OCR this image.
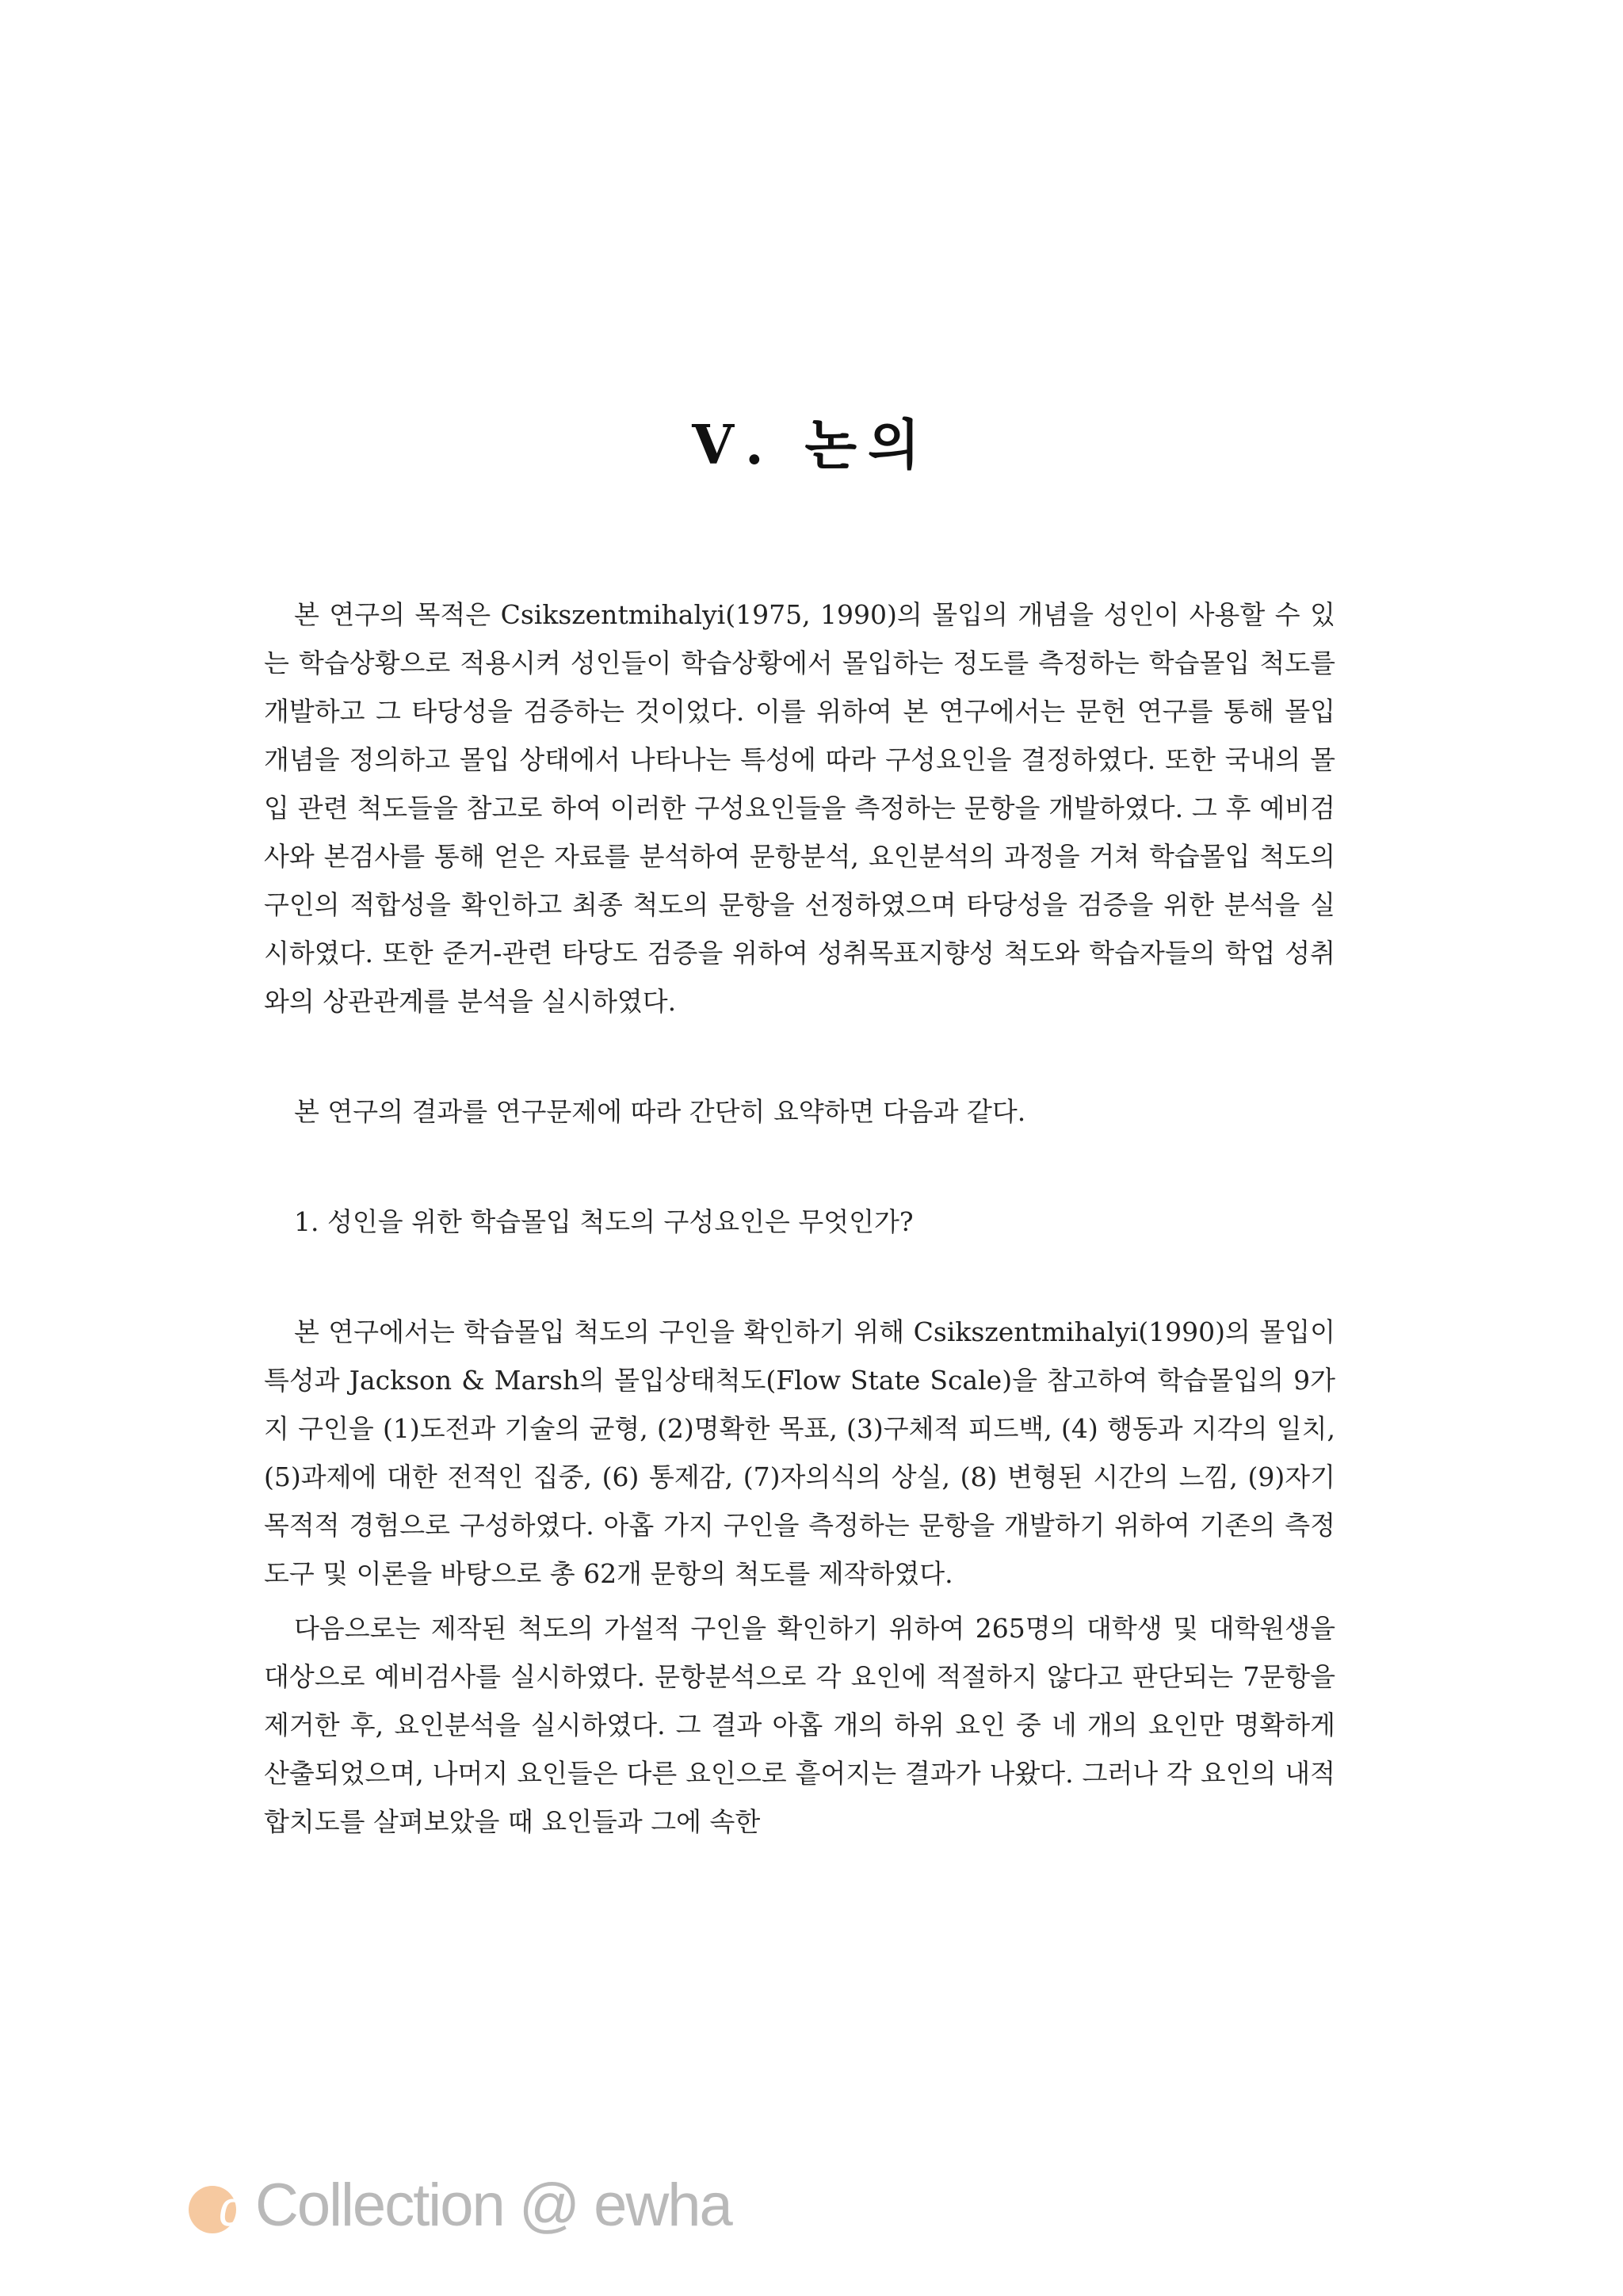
Ⅴ. 논의

본 연구의 목적은 Csikszentmihalyi(1975, 1990)의 몰입의 개념을 성인이 사용할 수 있는 학습상황으로 적용시켜 성인들이 학습상황에서 몰입하는 정도를 측정하는 학습몰입 척도를 개발하고 그 타당성을 검증하는 것이었다. 이를 위하여 본 연구에서는 문헌 연구를 통해 몰입 개념을 정의하고 몰입 상태에서 나타나는 특성에 따라 구성요인을 결정하였다. 또한 국내의 몰입 관련 척도들을 참고로 하여 이러한 구성요인들을 측정하는 문항을 개발하였다. 그 후 예비검사와 본검사를 통해 얻은 자료를 분석하여 문항분석, 요인분석의 과정을 거쳐 학습몰입 척도의 구인의 적합성을 확인하고 최종 척도의 문항을 선정하였으며 타당성을 검증을 위한 분석을 실시하였다. 또한 준거-관련 타당도 검증을 위하여 성취목표지향성 척도와 학습자들의 학업 성취와의 상관관계를 분석을 실시하였다.

본 연구의 결과를 연구문제에 따라 간단히 요약하면 다음과 같다.

1. 성인을 위한 학습몰입 척도의 구성요인은 무엇인가?

본 연구에서는 학습몰입 척도의 구인을 확인하기 위해 Csikszentmihalyi(1990)의 몰입이 특성과 Jackson & Marsh의 몰입상태척도(Flow State Scale)을 참고하여 학습몰입의 9가지 구인을 (1)도전과 기술의 균형, (2)명확한 목표, (3)구체적 피드백, (4) 행동과 지각의 일치, (5)과제에 대한 전적인 집중, (6) 통제감, (7)자의식의 상실, (8) 변형된 시간의 느낌, (9)자기목적적 경험으로 구성하였다. 아홉 가지 구인을 측정하는 문항을 개발하기 위하여 기존의 측정도구 및 이론을 바탕으로 총 62개 문항의 척도를 제작하였다.

다음으로는 제작된 척도의 가설적 구인을 확인하기 위하여 265명의 대학생 및 대학원생을 대상으로 예비검사를 실시하였다. 문항분석으로 각 요인에 적절하지 않다고 판단되는 7문항을 제거한 후, 요인분석을 실시하였다. 그 결과 아홉 개의 하위 요인 중 네 개의 요인만 명확하게 산출되었으며, 나머지 요인들은 다른 요인으로 흩어지는 결과가 나왔다. 그러나 각 요인의 내적합치도를 살펴보았을 때 요인들과 그에 속한

d Collection @ ewha
